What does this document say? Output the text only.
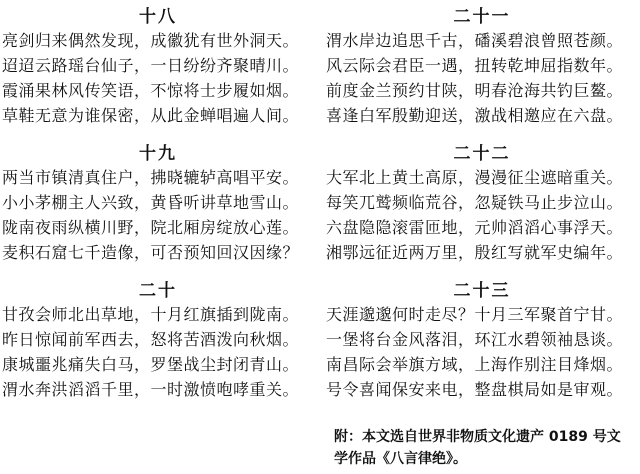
十八
亮剑归来偶然发现，成徽犹有世外洞天。
迢迢云路瑶台仙子，一日纷纷齐聚晴川。
霞涌果林风传笑语，不惊将士步履如烟。
草鞋无意为谁保密，从此金蝉唱遍人间。
十九
两当市镇清真住户，拂晓辘轳高唱平安。
小小茅棚主人兴致，黄昏听讲草地雪山。
陇南夜雨纵横川野，院北厢房绽放心莲。
麦积石窟七千造像，可否预知回汉因缘？
二十
甘孜会师北出草地，十月红旗插到陇南。
昨日惊闻前军西去，怒将苦酒泼向秋烟。
康城噩兆痛失白马，罗堡战尘封闭青山。
渭水奔洪滔滔千里，一时激愤咆哮重关。
二十一
渭水岸边追思千古，磻溪碧浪曾照苍颜。
风云际会君臣一遇，扭转乾坤屈指数年。
前度金兰预约甘陕，明春沧海共钓巨鳌。
喜逢白军殷勤迎送，激战相邀应在六盘。
二十二
大军北上黄土高原，漫漫征尘遮暗重关。
每笑兀鹫频临荒谷，忽疑铁马止步泣山。
六盘隐隐滚雷匝地，元帅滔滔心事浮天。
湘鄂远征近两万里，殷红写就军史编年。
二十三
天涯邈邈何时走尽？十月三军聚首宁甘。
一堡将台金风落泪，环江水碧领袖恳谈。
南昌际会举旗方域，上海作别注目烽烟。
号令喜闻保安来电，整盘棋局如是审观。
附：本文选自世界非物质文化遗产 0189 号文
学作品《八言律绝》。
